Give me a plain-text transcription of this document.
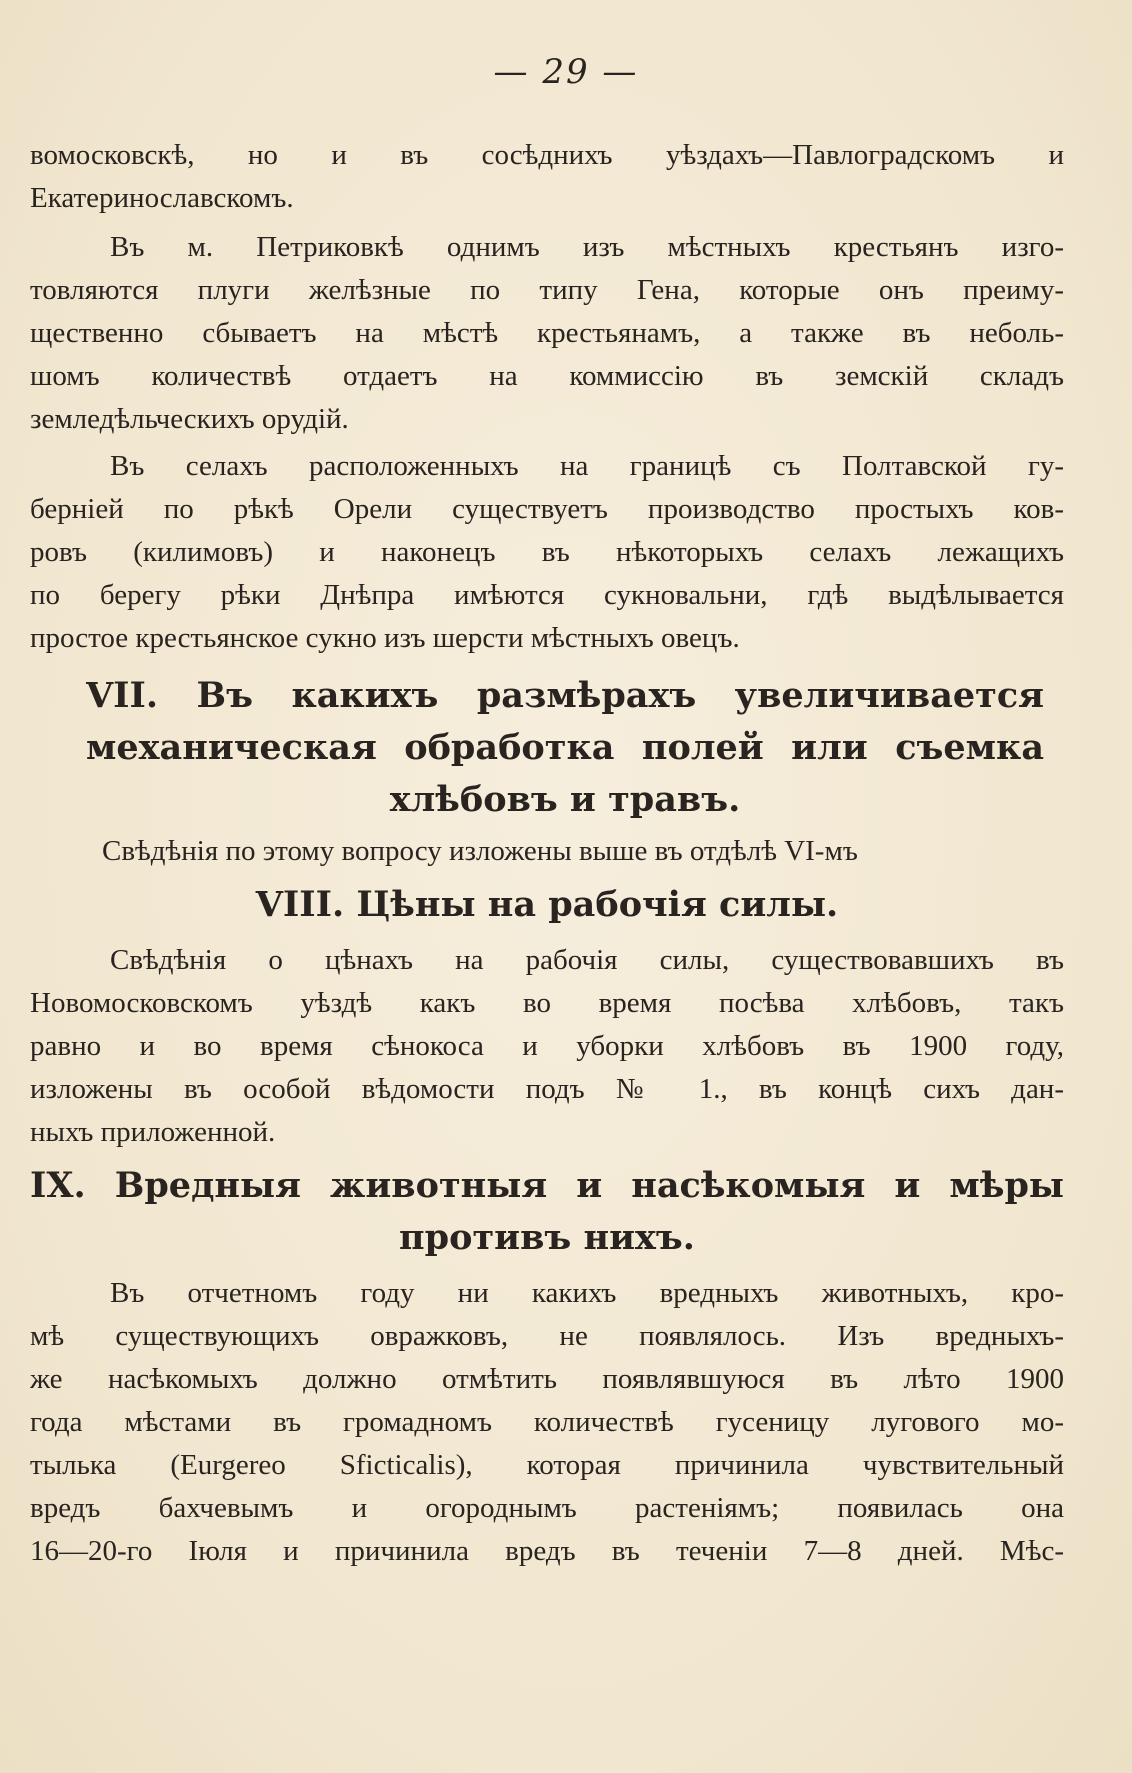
— 29 —
вомосковскѣ, но и въ сосѣднихъ уѣздахъ—Павлоградскомъ и
Екатеринославскомъ.
Въ м. Петриковкѣ однимъ изъ мѣстныхъ крестьянъ изго-
товляются плуги желѣзные по типу Гена, которые онъ преиму-
щественно сбываетъ на мѣстѣ крестьянамъ, а также въ неболь-
шомъ количествѣ отдаетъ на коммиссію въ земскій складъ
земледѣльческихъ орудій.
Въ селахъ расположенныхъ на границѣ съ Полтавской гу-
берніей по рѣкѣ Орели существуетъ производство простыхъ ков-
ровъ (килимовъ) и наконецъ въ нѣкоторыхъ селахъ лежащихъ
по берегу рѣки Днѣпра имѣются сукновальни, гдѣ выдѣлывается
простое крестьянское сукно изъ шерсти мѣстныхъ овецъ.
VII. Въ какихъ размѣрахъ увеличивается
механическая обработка полей или съемка
хлѣбовъ и травъ.
Свѣдѣнія по этому вопросу изложены выше въ отдѣлѣ VI-мъ
VIII. Цѣны на рабочія силы.
Свѣдѣнія о цѣнахъ на рабочія силы, существовавшихъ въ
Новомосковскомъ уѣздѣ какъ во время посѣва хлѣбовъ, такъ
равно и во время сѣнокоса и уборки хлѣбовъ въ 1900 году,
изложены въ особой вѣдомости подъ № 1., въ концѣ сихъ дан-
ныхъ приложенной.
IX. Вредныя животныя и насѣкомыя и мѣры
противъ нихъ.
Въ отчетномъ году ни какихъ вредныхъ животныхъ, кро-
мѣ существующихъ овражковъ, не появлялось. Изъ вредныхъ-
же насѣкомыхъ должно отмѣтить появлявшуюся въ лѣто 1900
года мѣстами въ громадномъ количествѣ гусеницу лугового мо-
тылька (Eurgereo Sficticalis), которая причинила чувствительный
вредъ бахчевымъ и огороднымъ растеніямъ; появилась она
16—20-го Іюля и причинила вредъ въ теченіи 7—8 дней. Мѣс-
